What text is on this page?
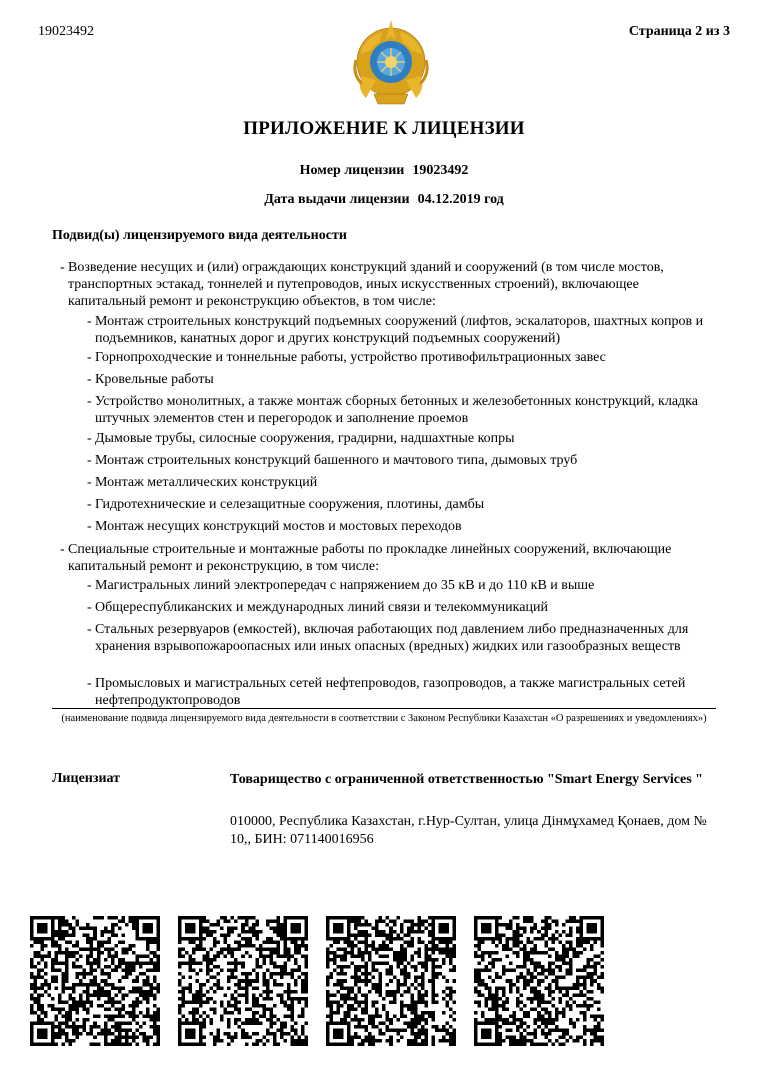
19023492	Страница 2 из 3
ПРИЛОЖЕНИЕ К ЛИЦЕНЗИИ
Номер лицензии 19023492
Дата выдачи лицензии 04.12.2019 год
Подвид(ы) лицензируемого вида деятельности
- Возведение несущих и (или) ограждающих конструкций зданий и сооружений (в том числе мостов, транспортных эстакад, тоннелей и путепроводов, иных искусственных строений), включающее капитальный ремонт и реконструкцию объектов, в том числе:
- Монтаж строительных конструкций подъемных сооружений (лифтов, эскалаторов, шахтных копров и подъемников, канатных дорог и других конструкций подъемных сооружений)
- Горнопроходческие и тоннельные работы, устройство противофильтрационных завес
- Кровельные работы
- Устройство монолитных, а также монтаж сборных бетонных и железобетонных конструкций, кладка штучных элементов стен и перегородок и заполнение проемов
- Дымовые трубы, силосные сооружения, градирни, надшахтные копры
- Монтаж строительных конструкций башенного и мачтового типа, дымовых труб
- Монтаж металлических конструкций
- Гидротехнические и селезащитные сооружения, плотины, дамбы
- Монтаж несущих конструкций мостов и мостовых переходов
- Специальные строительные и монтажные работы по прокладке линейных сооружений, включающие капитальный ремонт и реконструкцию, в том числе:
- Магистральных линий электропередач с напряжением до 35 кВ и до 110 кВ и выше
- Общереспубликанских и международных линий связи и телекоммуникаций
- Стальных резервуаров (емкостей), включая работающих под давлением либо предназначенных для хранения взрывопожароопасных или иных опасных (вредных) жидких или газообразных веществ
- Промысловых и магистральных сетей нефтепроводов, газопроводов, а также магистральных сетей нефтепродуктопроводов
(наименование подвида лицензируемого вида деятельности в соответствии с Законом Республики Казахстан «О разрешениях и уведомлениях»)
Лицензиат	Товарищество с ограниченной ответственностью "Smart Energy Services "
010000, Республика Казахстан, г.Нур-Султан, улица Дінмұхамед Қонаев, дом № 10,, БИН: 071140016956
